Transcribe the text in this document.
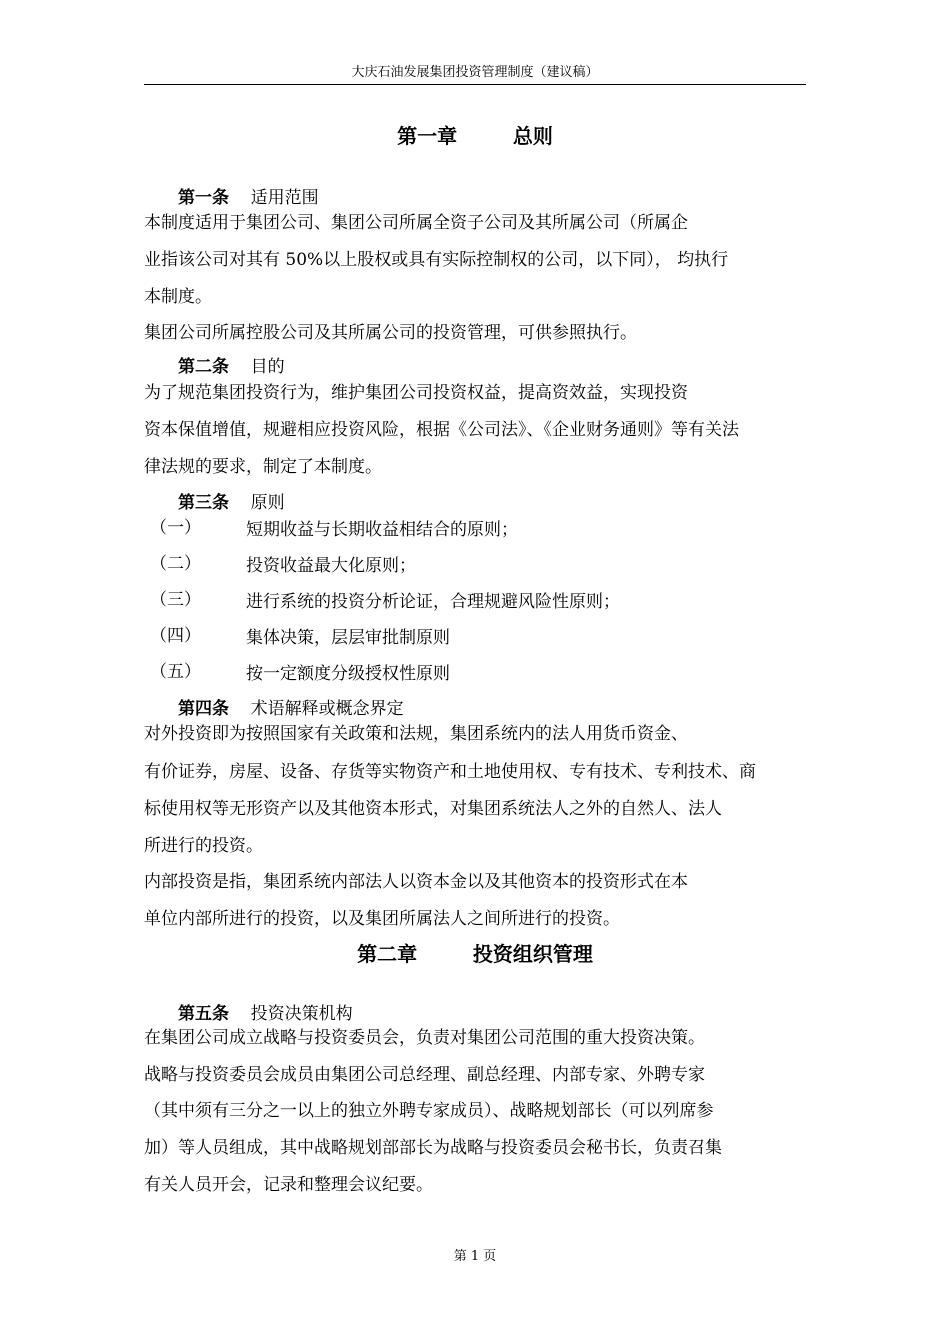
大庆石油发展集团投资管理制度（建议稿）
第一章        总则
第一条 适用范围
本制度适用于集团公司、集团公司所属全资子公司及其所属公司（所属企
业指该公司对其有 50%以上股权或具有实际控制权的公司，以下同）， 均执行
本制度。
集团公司所属控股公司及其所属公司的投资管理，可供参照执行。
第二条 目的
为了规范集团投资行为，维护集团公司投资权益，提高资效益，实现投资
资本保值增值，规避相应投资风险，根据《公司法》、《企业财务通则》等有关法
律法规的要求，制定了本制度。
第三条 原则
（一）	短期收益与长期收益相结合的原则；
（二）	投资收益最大化原则；
（三）	进行系统的投资分析论证，合理规避风险性原则；
（四）	集体决策，层层审批制原则
（五）	按一定额度分级授权性原则
第四条 术语解释或概念界定
对外投资即为按照国家有关政策和法规，集团系统内的法人用货币资金、
有价证券，房屋、设备、存货等实物资产和土地使用权、专有技术、专利技术、商
标使用权等无形资产以及其他资本形式，对集团系统法人之外的自然人、法人
所进行的投资。
内部投资是指，集团系统内部法人以资本金以及其他资本的投资形式在本
单位内部所进行的投资，以及集团所属法人之间所进行的投资。
第二章        投资组织管理
第五条 投资决策机构
在集团公司成立战略与投资委员会，负责对集团公司范围的重大投资决策。
战略与投资委员会成员由集团公司总经理、副总经理、内部专家、外聘专家
（其中须有三分之一以上的独立外聘专家成员）、战略规划部长（可以列席参
加）等人员组成，其中战略规划部部长为战略与投资委员会秘书长，负责召集
有关人员开会，记录和整理会议纪要。
第 1 页
